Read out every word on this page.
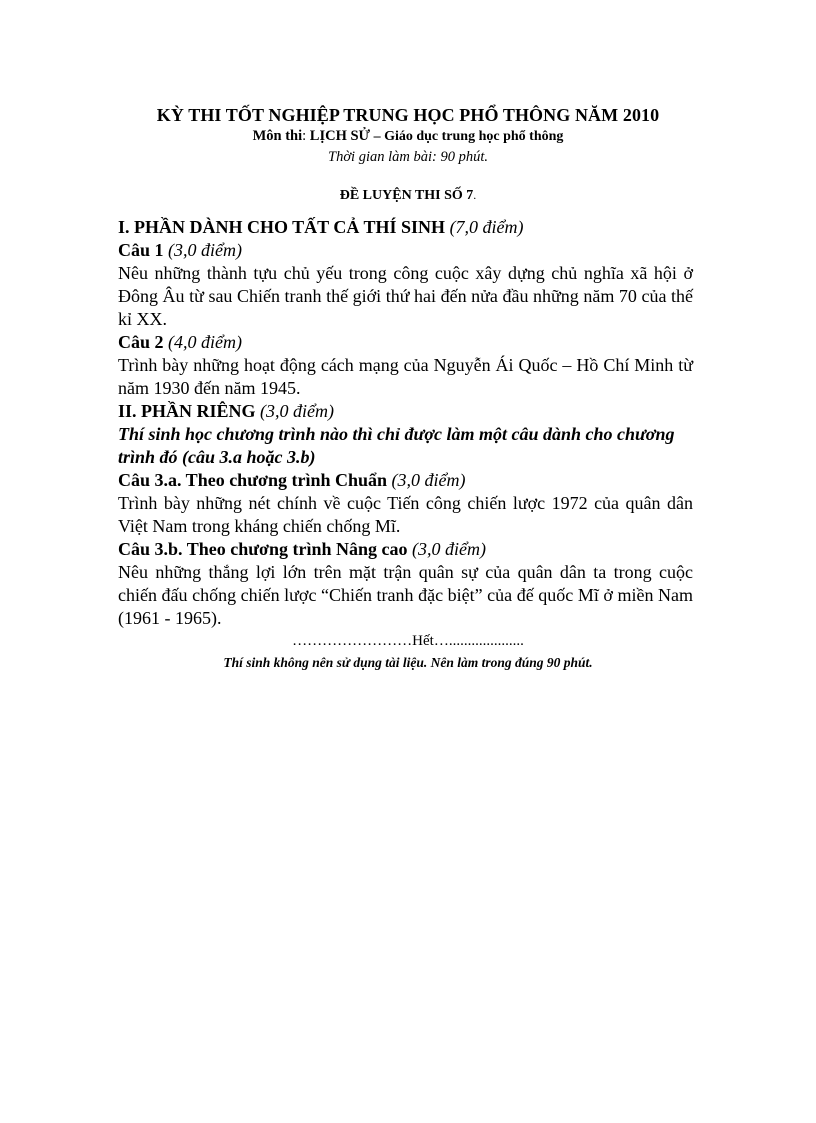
KỲ THI TỐT NGHIỆP TRUNG HỌC PHỔ THÔNG NĂM 2010
Môn thi: LỊCH SỬ – Giáo dục trung học phổ thông
Thời gian làm bài: 90 phút.
ĐỀ LUYỆN THI SỐ 7.

I. PHẦN DÀNH CHO TẤT CẢ THÍ SINH (7,0 điểm)

Câu 1 (3,0 điểm)

Nêu những thành tựu chủ yếu trong công cuộc xây dựng chủ nghĩa xã hội ở Đông Âu từ sau Chiến tranh thế giới thứ hai đến nửa đầu những năm 70 của thế kỉ XX.

Câu 2 (4,0 điểm)

Trình bày những hoạt động cách mạng của Nguyễn Ái Quốc – Hồ Chí Minh từ năm 1930 đến năm 1945.

II. PHẦN RIÊNG (3,0 điểm)

Thí sinh học chương trình nào thì chỉ được làm một câu dành cho chương trình đó (câu 3.a hoặc 3.b)

Câu 3.a. Theo chương trình Chuẩn (3,0 điểm)

Trình bày những nét chính về cuộc Tiến công chiến lược 1972 của quân dân Việt Nam trong kháng chiến chống Mĩ.

Câu 3.b. Theo chương trình Nâng cao (3,0 điểm)

Nêu những thắng lợi lớn trên mặt trận quân sự của quân dân ta trong cuộc chiến đấu chống chiến lược “Chiến tranh đặc biệt” của đế quốc Mĩ ở miền Nam (1961 - 1965).

……………………Hết…....................
Thí sinh không nên sử dụng tài liệu. Nên làm trong đúng 90 phút.
